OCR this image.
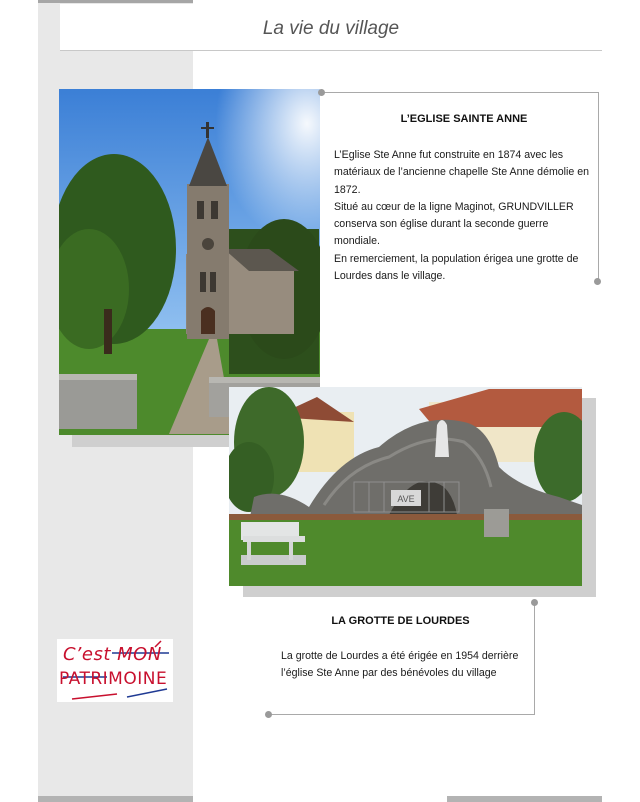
La vie du village
L’EGLISE SAINTE ANNE

L’Eglise Ste Anne fut construite en 1874 avec les matériaux de l’ancienne chapelle Ste Anne démolie en 1872.

Situé au cœur de la ligne Maginot, GRUNDVILLER conserva son église durant la seconde guerre mondiale.

En remerciement, la population érigea une grotte de Lourdes dans le village.

AVE
LA GROTTE DE LOURDES

La grotte de Lourdes a été érigée en 1954 derrière l’église Ste Anne par des bénévoles du village

C’est MON
PATRIMOINE
